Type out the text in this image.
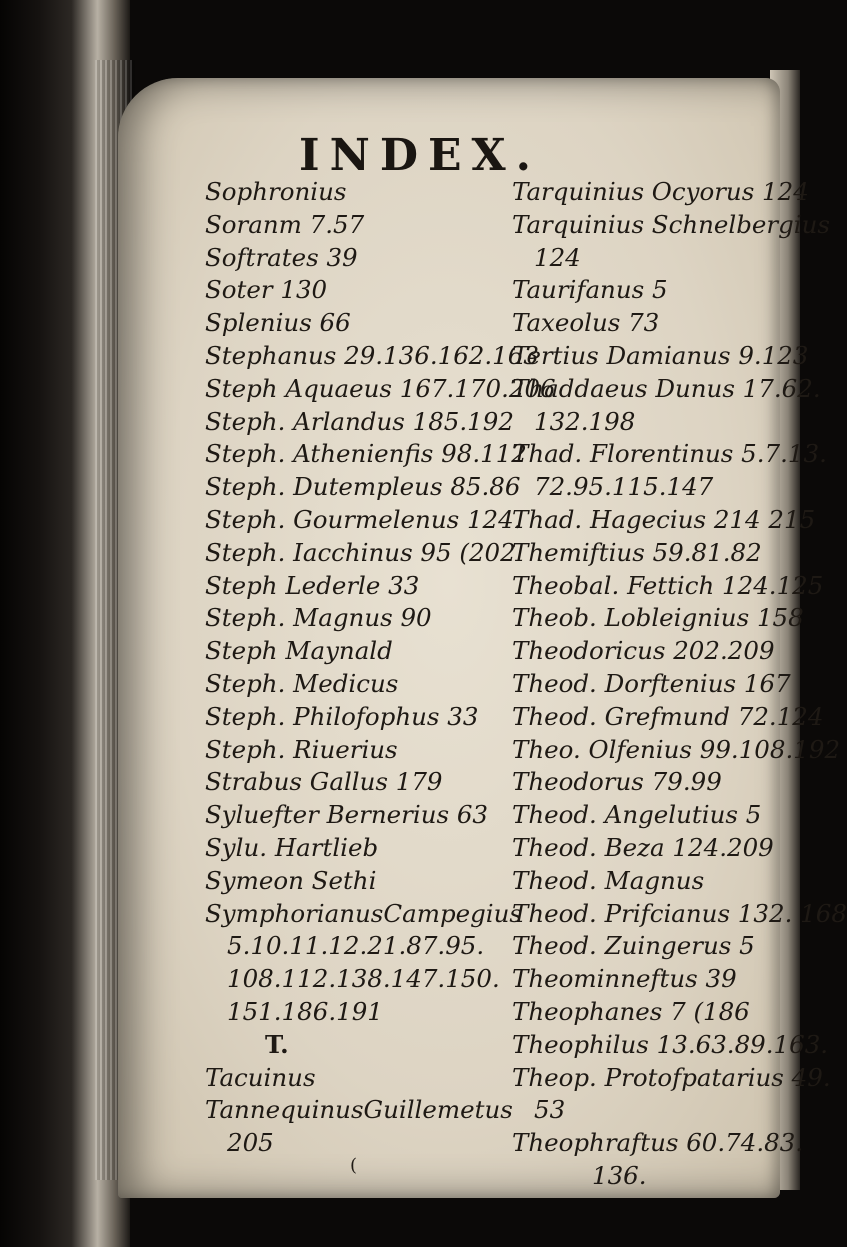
INDEX.
Sophronius
Soranm 7.57
Softrates 39
Soter 130
Splenius 66
Stephanus 29.136.162.163
Steph Aquaeus 167.170.206
Steph. Arlandus 185.192
Steph. Athenienfis 98.112
Steph. Dutempleus 85.86
Steph. Gourmelenus 124.
Steph. Iacchinus 95 (202
Steph Lederle 33
Steph. Magnus 90
Steph Maynald
Steph. Medicus
Steph. Philofophus 33
Steph. Riuerius
Strabus Gallus 179
Syluefter Bernerius 63
Sylu. Hartlieb
Symeon Sethi
SymphorianusCampegius
5.10.11.12.21.87.95.
108.112.138.147.150.
151.186.191
T.
Tacuinus
TannequinusGuillemetus
205
Tarquinius Ocyorus 124
Tarquinius Schnelbergius
124
Taurifanus 5
Taxeolus 73
Tertius Damianus 9.123
Thaddaeus Dunus 17.62.
132.198
Thad. Florentinus 5.7.13.
72.95.115.147
Thad. Hagecius 214 215
Themiftius 59.81.82
Theobal. Fettich 124.125
Theob. Lobleignius 158
Theodoricus 202.209
Theod. Dorftenius 167
Theod. Grefmund 72.124
Theo. Olfenius 99.108.192
Theodorus 79.99
Theod. Angelutius 5
Theod. Beza 124.209
Theod. Magnus
Theod. Prifcianus 132. 168
Theod. Zuingerus 5
Theominneftus 39
Theophanes 7 (186
Theophilus 13.63.89.163.
Theop. Protofpatarius 49.
53
Theophraftus 60.74.83.
136.
(
